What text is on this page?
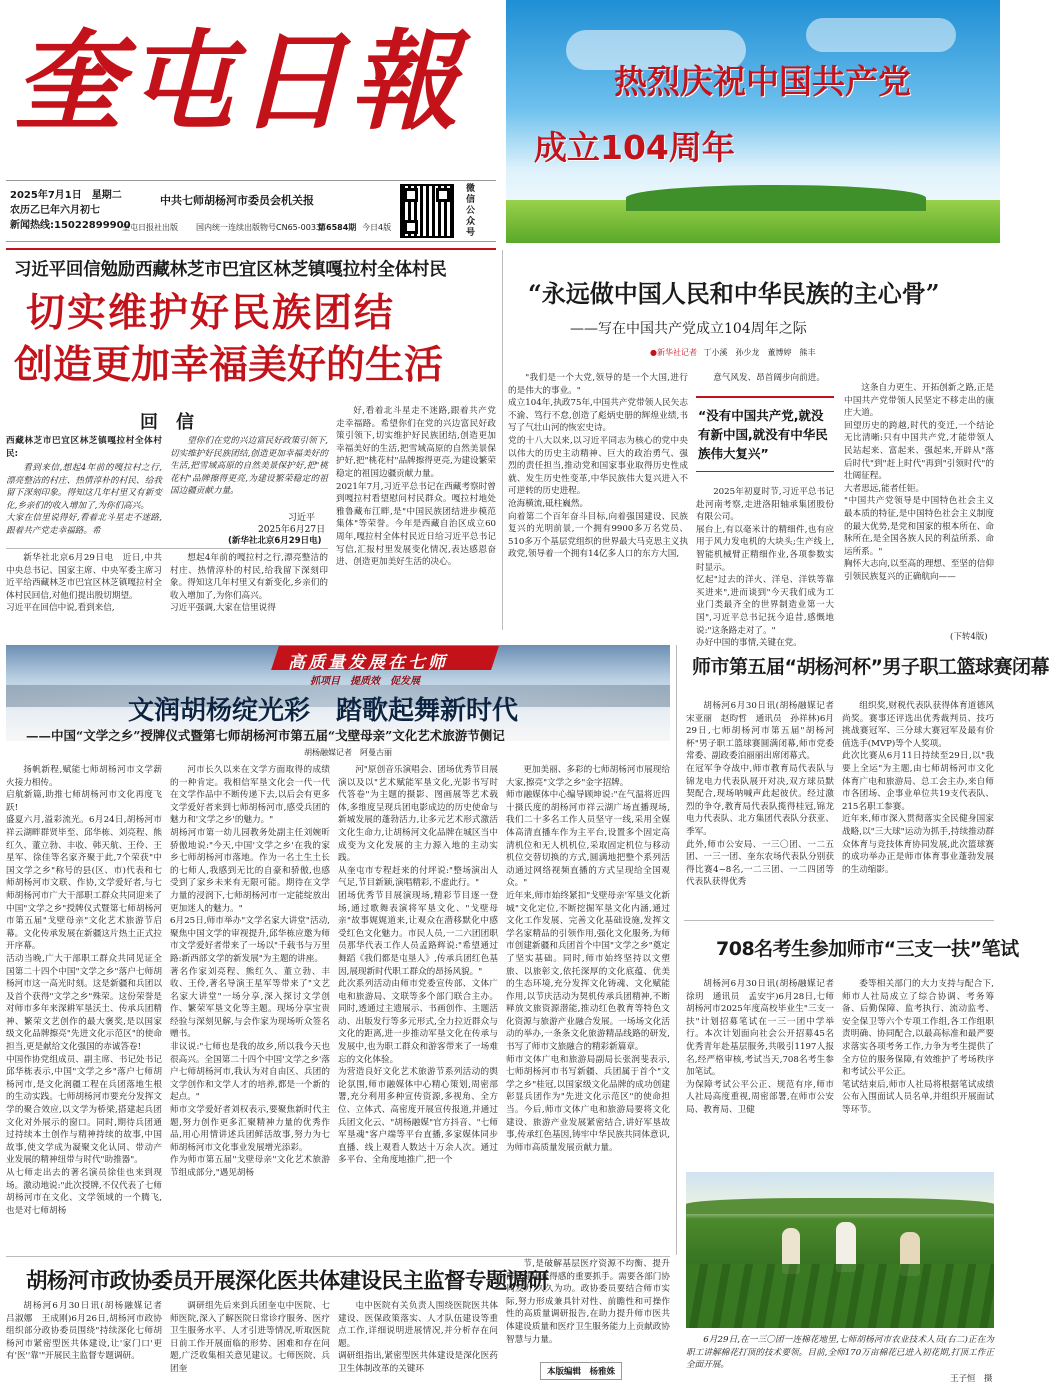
奎屯日報
2025年7月1日　星期二
农历乙巳年六月初七
新闻热线:15022899900
中共七师胡杨河市委员会机关报
奎屯日报社出版 国内统一连续出版物号CN65-0033/
第6584期 今日4版
微信公众号
热烈庆祝中国共产党
成立104周年
习近平回信勉励西藏林芝市巴宜区林芝镇嘎拉村全体村民
切实维护好民族团结
创造更加幸福美好的生活
回　信
西藏林芝市巴宜区林芝镇嘎拉村全体村民:

看到来信,想起4年前的嘎拉村之行,漂亮整洁的村庄、热情淳朴的村民、给我留下深刻印象。得知这几年村里又有新变化,乡亲们的收入增加了,为你们高兴。
大家在信里说得好,看着北斗星走不迷路,跟着共产党走幸福路。希

望你们在党的兴边富民好政策引领下,切实维护好民族团结,创造更加幸福美好的生活,把雪域高原的自然美景保护好,把"桃花村"品牌擦得更亮,为建设繁荣稳定的祖国边疆贡献力量。

习近平
2025年6月27日
(新华社北京6月29日电)

新华社北京6月29日电　近日,中共中央总书记、国家主席、中央军委主席习近平给西藏林芝市巴宜区林芝镇嘎拉村全体村民回信,对他们提出殷切期望。
习近平在回信中说,看到来信,

想起4年前的嘎拉村之行,漂亮整洁的村庄、热情淳朴的村民,给我留下深刻印象。得知这几年村里又有新变化,乡亲们的收入增加了,为你们高兴。
习近平强调,大家在信里说得

好,看着北斗星走不迷路,跟着共产党走幸福路。希望你们在党的兴边富民好政策引领下,切实维护好民族团结,创造更加幸福美好的生活,把雪域高原的自然美景保护好,把"桃花村"品牌擦得更亮,为建设繁荣稳定的祖国边疆贡献力量。
2021年7月,习近平总书记在西藏考察时曾到嘎拉村看望慰问村民群众。嘎拉村地处雅鲁藏布江畔,是"中国民族团结进步模范集体"等荣誉。今年是西藏自治区成立60周年,嘎拉村全体村民近日给习近平总书记写信,汇报村里发展变化情况,表达感恩奋进、创造更加美好生活的决心。

“永远做中国人民和中华民族的主心骨”
——写在中国共产党成立104周年之际
●新华社记者 丁小溪　孙少龙　董博婷　熊丰

"我们是一个大党,领导的是一个大国,进行的是伟大的事业。"
成立104年,执政75年,中国共产党带领人民矢志不渝、笃行不怠,创造了彪炳史册的辉煌业绩,书写了气壮山河的恢宏史诗。
党的十八大以来,以习近平同志为核心的党中央以伟大的历史主动精神、巨大的政治勇气、强烈的责任担当,推动党和国家事业取得历史性成就、发生历史性变革,中华民族伟大复兴进入不可逆转的历史进程。
沧海横流,砥柱巍然。
向着第二个百年奋斗目标,向着强国建设、民族复兴的光明前景,一个拥有9900多万名党员、510多万个基层党组织的世界最大马克思主义执政党,领导着一个拥有14亿多人口的东方大国,

意气风发、昂首阔步向前进。

“没有中国共产党,就没有新中国,就没有中华民族伟大复兴”

2025年初夏时节,习近平总书记赴河南考察,走进洛阳轴承集团股份有限公司。
展台上,有以毫米计的精细件,也有应用于风力发电机的大块头;生产线上,智能机械臂正精细作业,各项参数实时显示。
忆起"过去的洋火、洋皂、洋铁等靠买进来",进而谈到"今天我们成为工业门类最齐全的世界制造业第一大国",习近平总书记抚今追昔,感慨地说:"这条路走对了。"
办好中国的事情,关键在党。

这条自力更生、开拓创新之路,正是中国共产党带领人民坚定不移走出的康庄大道。
回望历史的跨越,时代的变迁,一个结论无比清晰:只有中国共产党,才能带领人民站起来、富起来、强起来,开辟从"落后时代"到"赶上时代"再到"引领时代"的壮阔征程。
大者思远,能者任钜。
"中国共产党领导是中国特色社会主义最本质的特征,是中国特色社会主义制度的最大优势,是党和国家的根本所在、命脉所在,是全国各族人民的利益所系、命运所系。"
胸怀大志向,以至高的理想、至坚的信仰引领民族复兴的正确航向——

(下转4版)
高质量发展在七师
抓项目　提质效　促发展
文润胡杨绽光彩　踏歌起舞新时代
——中国“文学之乡”授牌仪式暨第七师胡杨河市第五届“戈壁母亲”文化艺术旅游节侧记
胡杨融媒记者　阿曼古丽

扬帆新程,赋能七师胡杨河市文学薪火接力相传。
启航新篇,助推七师胡杨河市文化再度飞跃!
盛夏六月,溢彩流光。6月24日,胡杨河市祥云湖畔群贤毕至、邱华栋、刘亮程、熊红久、董立勃、丰收、韩天航、王伶、王星军、徐佳等名家齐聚于此,7个荣获"中国文学之乡"称号的县(区、市)代表和七师胡杨河市文联、作协,文学爱好者,与七师胡杨河市广大干部职工群众共同迎来了中国"文学之乡"授牌仪式暨第七师胡杨河市第五届"戈壁母亲"文化艺术旅游节启幕。文化传承发展在新疆这片热土正式拉开序幕。
活动当晚,广大干部职工群众共同见证全国第二十四个中国"文学之乡"落户七师胡杨河市这一高光时刻。这是新疆和兵团以及首个获得"文学之乡"殊荣。这份荣誉是对师市多年来深耕军垦沃土、传承兵团精神、繁荣文艺创作的最大褒奖,是以国家级文化品牌擦亮"先进文化示范区"的使命担当,更是献给文化强国的赤诚答卷!
中国作协党组成员、副主席、书记处书记邱华栋表示,中国"文学之乡"落户七师胡杨河市,是文化润疆工程在兵团落地生根的生动实践。七师胡杨河市要充分发挥文学的聚合效应,以文学为桥梁,搭建起兵团文化对外展示的窗口。同时,期待兵团通过持续本土创作与精神持续的故事,中国故事,使文学成为凝聚文化认同、带动产业发展的精神纽带与时代"助推器"。
从七师走出去的著名演员徐佳也来到现场。激动地说:"此次授牌,不仅代表了七师胡杨河市在文化、文学领域的一个腾飞,也是对七师胡杨

河市长久以来在文学方面取得的成绩的一种肯定。我相信军垦文化会一代一代在文学作品中不断传递下去,以后会有更多文学爱好者来到七师胡杨河市,感受兵团的魅力和'文学之乡'的魅力。"
胡杨河市第一幼儿园教务处副主任刘婉昕骄傲地说:"今天,中国'文学之乡'在我的家乡七师胡杨河市落地。作为一名土生土长的七师人,我感到无比的自豪和骄傲,也感受到了家乡未来有无限可能。期待在文学力量的浸润下,七师胡杨河市一定能绽放出更加迷人的魅力。"
6月25日,师市举办"文学名家大讲堂"活动,聚焦中国文学的审视提升,邱华栋应邀为师市文学爱好者带来了一场以"千载书与万里路:新西部文学的新发展"为主题的讲座。
著名作家刘亮程、熊红久、董立勃、丰收、王伶,著名导演王星军等带来了"文艺名家大讲堂"一场分享,深入探讨文学创作、繁荣军垦文化等主题。现场分享宝贵经验与深刻见解,与会作家为现场听众签名赠书。
非议说:"七师也是我的故乡,所以我今天也很高兴。全国第二十四个中国'文学之乡'落户七师胡杨河市,我认为对自由区、兵团的文学创作和文学人才的培养,都是一个新的起点。"
师市文学爱好者刘权表示,要聚焦新时代主题,努力创作更多汇聚精神力量的优秀作品,用心用情讲述兵团鲜活故事,努力为七师胡杨河市文化事业发展增光添彩。
作为师市第五届"戈壁母亲"文化艺术旅游节组成部分,"遇见胡杨

河"原创音乐演唱会、团场优秀节目展演以及以"艺术赋能军垦文化,光影书写时代答卷"为主题的摄影、图画展等艺术载体,多维度呈现兵团电影成边的历史使命与新城发展的蓬勃活力,让多元艺术形式激活文化生命力,让胡杨河文化品牌在城区当中成变为文化发展的主力源入地的主动实践。
从奎屯市专程赶来的付坪说:"整场演出人气足,节目新颖,演唱精彩,不虚此行。"
团场优秀节目展演现场,精彩节目逐一登场,通过歌舞表演将军垦文化、"戈壁母亲"故事娓娓道来,让观众在潜移默化中感受红色文化魅力。市民人员,一二六团团职员那华代表工作人员孟路辉说:"希望通过舞蹈《我们都是屯垦人》,传承兵团红色基因,展现新时代职工群众的昂扬风貌。"
此次系列活动由师市党委宣传部、文体广电和旅游局、文联等多个部门联合主办。同时,透通过主遗展示、书画创作、主题活动、出版发行等多元形式,全力拉近群众与文化的距离,进一步推动军垦文化在传承与发展中,也为职工群众和游客带来了一场难忘的文化体验。
为营造良好文化艺术旅游节系列活动的舆论氛围,师市融媒体中心精心策划,周密部署,充分利用多种宣传资源,多视角、全方位、立体式、高密度开展宣传报道,并通过兵团文化云、"胡杨融媒"官方抖音、"七师军垦魂"客户端等平台直播,多家媒体同步直播、线上观看人数达十万余人次。通过多平台、全角度地推广,把一个

更加美丽、多彩的七师胡杨河市展现给大家,擦亮"文学之乡"金字招牌。
师市融媒体中心编导顾坤说:"在气温将近四十摄氏度的胡杨河市祥云湖广场直播现场,我们二十多名工作人员坚守一线,采用全媒体高清直播车作为主平台,设置多个固定高清机位和无人机机位,采取固定机位与移动机位交替切换的方式,圆满地把整个系列活动通过网络视频直播的方式呈现给全国观众。"
近年来,师市始终紧扣"戈壁母亲'军垦文化新城"文化定位,不断挖掘军垦文化内涵,通过文化工作发展、完善文化基础设施,发挥文学名家精品的引领作用,强化文化服务,为师市创建新疆和兵团首个中国"文学之乡"奠定了坚实基础。同时,师市始终坚持以文塑旅、以旅彰文,依托深厚的文化底蕴、优美的生态环境,充分发挥文化铸魂、文化赋能作用,以节庆活动为契机传承兵团精神,不断释放文旅资源潜能,推动红色教育等特色文化资源与旅游产业融合发展。一场场文化活动的举办,一条条文化旅游精品线路的研发,书写了师市文旅融合的精彩新篇章。
师市文体广电和旅游局副局长张润斐表示,七师胡杨河市书写新疆、兵团属于首个"文学之乡"桂冠,以国家级文化品牌的成功创建彰显兵团作为"先进文化示范区"的使命担当。今后,师市文体广电和旅游局要将文化建设、旅游产业发展紧密结合,讲好军垦故事,传承红色基因,铸牢中华民族共同体意识,为师市高质量发展贡献力量。

师市第五届“胡杨河杯”男子职工篮球赛闭幕

胡杨河6月30日讯(胡杨融媒记者　宋亚丽　赵昀哲　通讯员　孙祥林)6月29日,七师胡杨河市第五届"胡杨河杯"男子职工篮球赛圆满闭幕,师市党委常委、副政委泊丽丽出席闭幕式。
在冠军争夺战中,师市教育局代表队与锦龙电力代表队展开对决,双方球员默契配合,现场呐喊声此起彼伏。经过激烈的争夺,教育局代表队揽得桂冠,锦龙电力代表队、北方集团代表队分获亚、季军。
此外,师市公安局、一三〇团、一二五团、一三一团、奎东农场代表队分别获得比赛4~8名,一二三团、一二四团等代表队获得优秀

组织奖,财税代表队获得体育道德风尚奖。赛事还评选出优秀裁判员、技巧挑战赛冠军、三分球大赛冠军及最有价值选手(MVP)等个人奖项。
此次比赛从6月11日持续至29日,以"我要上全运"为主题,由七师胡杨河市文化体育广电和旅游局、总工会主办,来自师市各团场、企事业单位共19支代表队、215名职工参赛。
近年来,师市深入贯彻落实全民健身国家战略,以"三大球"运动为抓手,持续推动群众体育与竞技体育协同发展,此次篮球赛的成功举办正是师市体育事业蓬勃发展的生动缩影。

708名考生参加师市“三支一扶”笔试

胡杨河6月30日讯(胡杨融媒记者　徐玥　通讯员　孟安宇)6月28日,七师胡杨河市2025年度高校毕业生"三支一扶"计划招募笔试在一三一团中学举行。本次计划面向社会公开招募45名优秀青年赴基层服务,共吸引1197人报名,经严格审核,考试当天,708名考生参加笔试。
为保障考试公平公正、规范有序,师市人社局高度重视,周密部署,在师市公安局、教育局、卫健

委等相关部门的大力支持与配合下,师市人社局成立了综合协调、考务筹备、后勤保障、监考执行、流动监考、安全保卫等六个专项工作组,各工作组职责明确、协同配合,以最高标准和最严要求落实各项考务工作,力争为考生提供了全方位的服务保障,有效维护了考场秩序和考试公平公正。
笔试结束后,师市人社局将根据笔试成绩公布入围面试人员名单,并组织开展面试等环节。

6月29日,在一三〇团一连棉花地里,七师胡杨河市农业技术人员(右二)正在为职工讲解棉花打顶的技术要领。目前,全师170万亩棉花已进入初花期,打顶工作正全面开展。

王子恒　摄
胡杨河市政协委员开展深化医共体建设民主监督专题调研

胡杨河6月30日讯(胡杨融媒记者　吕淑娜　王成刚)6月26日,胡杨河市政协组织部分政协委员围绕"持续深化七师胡杨河市紧密型医共体建设,让'家门口'更有'医''靠'"开展民主监督专题调研。

调研组先后来到兵团奎屯中医院、七师医院,深入了解医院日常诊疗服务、医疗卫生服务水平、人才引进等情况,听取医院日前工作开展面临的形势、困难和存在问题,广泛收集相关意见建议。七师医院、兵团奎

屯中医院有关负责人围绕医院医共体建设、医保政策落实、人才队伍建设等重点工作,详细说明进展情况,并分析存在问题。
调研组指出,紧密型医共体建设是深化医药卫生体制改革的关键环

节,是破解基层医疗资源不均衡、提升群众健康获得感的重要抓手。需要各部门协同发力,久久为功。政协委员要结合师市实际,努力形成兼具针对性、前瞻性和可操作性的高质量调研报告,在助力提升师市医共体建设质量和医疗卫生服务能力上贡献政协智慧与力量。

本版编辑　杨雅姝
